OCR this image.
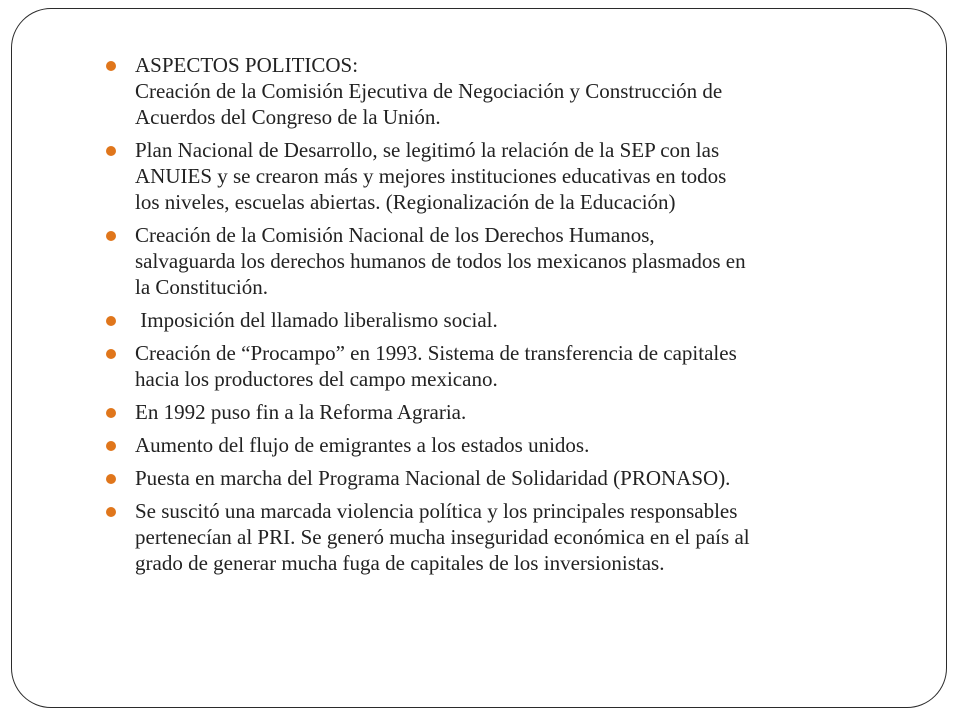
ASPECTOS POLITICOS:
Creación de la Comisión Ejecutiva de Negociación y Construcción de
Acuerdos del Congreso de la Unión.
Plan Nacional de Desarrollo, se legitimó la relación de la SEP con las
ANUIES y se crearon más y mejores instituciones educativas en todos
los niveles, escuelas abiertas. (Regionalización de la Educación)
Creación de la Comisión Nacional de los Derechos Humanos,
salvaguarda los derechos humanos de todos los mexicanos plasmados en
la Constitución.
Imposición del llamado liberalismo social.
Creación de “Procampo” en 1993. Sistema de transferencia de capitales
hacia los productores del campo mexicano.
En 1992 puso fin a la Reforma Agraria.
Aumento del flujo de emigrantes a los estados unidos.
Puesta en marcha del Programa Nacional de Solidaridad (PRONASO).
Se suscitó una marcada violencia política y los principales responsables
pertenecían al PRI. Se generó mucha inseguridad económica en el país al
grado de generar mucha fuga de capitales de los inversionistas.
